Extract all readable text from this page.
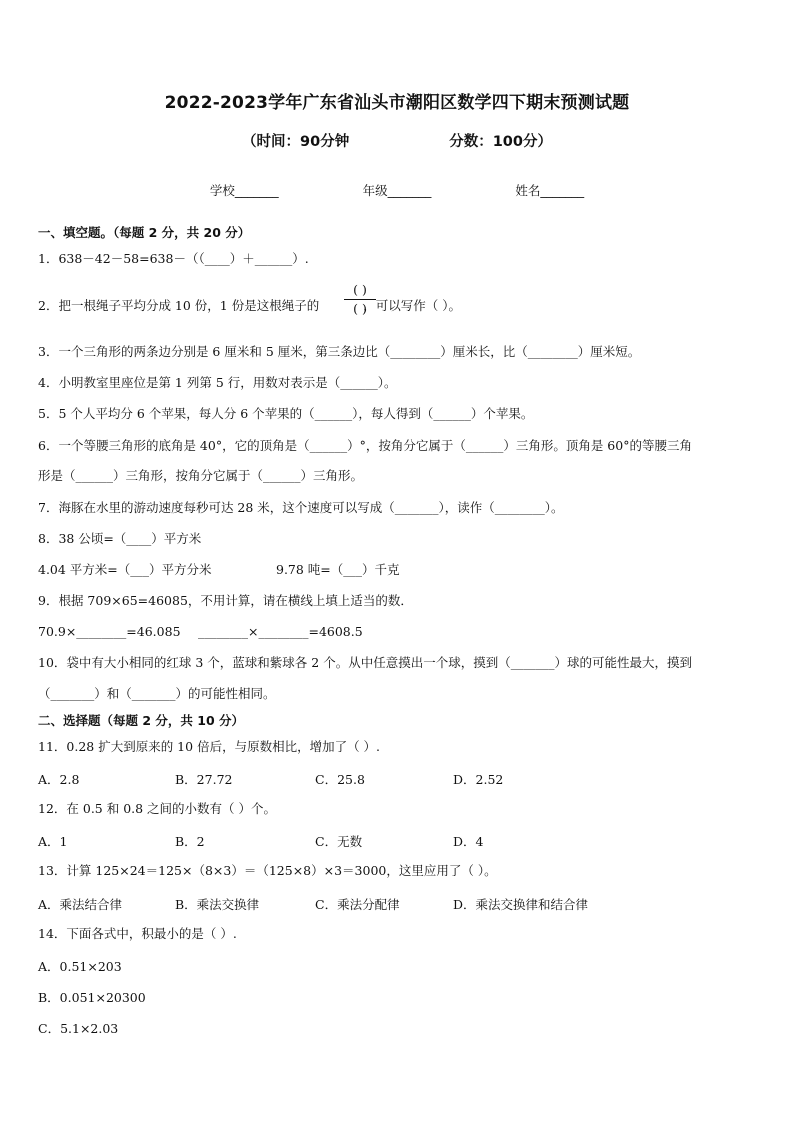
2022-2023学年广东省汕头市潮阳区数学四下期末预测试题
（时间：90分钟	分数：100分）
学校_______	年级_______	姓名_______
一、填空题。（每题 2 分，共 20 分）
1．638－42－58=638－（（____）＋______）.
2．把一根绳子平均分成 10 份，1 份是这根绳子的	，可以写作（ ）。
( )
( )
3．一个三角形的两条边分别是 6 厘米和 5 厘米，第三条边比（________）厘米长，比（________）厘米短。
4．小明教室里座位是第 1 列第 5 行，用数对表示是（______）。
5．5 个人平均分 6 个苹果，每人分 6 个苹果的（______），每人得到（______）个苹果。
6．一个等腰三角形的底角是 40°，它的顶角是（______）°，按角分它属于（______）三角形。顶角是 60°的等腰三角
形是（______）三角形，按角分它属于（______）三角形。
7．海豚在水里的游动速度每秒可达 28 米，这个速度可以写成（_______），读作（________）。
8．38 公顷=（____）平方米
4.04 平方米=（___）平方分米	9.78 吨=（___）千克
9．根据 709×65=46085，不用计算，请在横线上填上适当的数．
70.9×________=46.085 ________×________=4608.5
10．袋中有大小相同的红球 3 个，蓝球和紫球各 2 个。从中任意摸出一个球，摸到（_______）球的可能性最大，摸到
（_______）和（_______）的可能性相同。
二、选择题（每题 2 分，共 10 分）
11．0.28 扩大到原来的 10 倍后，与原数相比，增加了（ ）.
A．2.8	B．27.72	C．25.8	D．2.52
12．在 0.5 和 0.8 之间的小数有（ ）个。
A．1	B．2	C．无数	D．4
13．计算 125×24＝125×（8×3）＝（125×8）×3＝3000，这里应用了（ ）。
A．乘法结合律	B．乘法交换律	C．乘法分配律	D．乘法交换律和结合律
14．下面各式中，积最小的是（ ）.
A．0.51×203
B．0.051×20300
C．5.1×2.03
